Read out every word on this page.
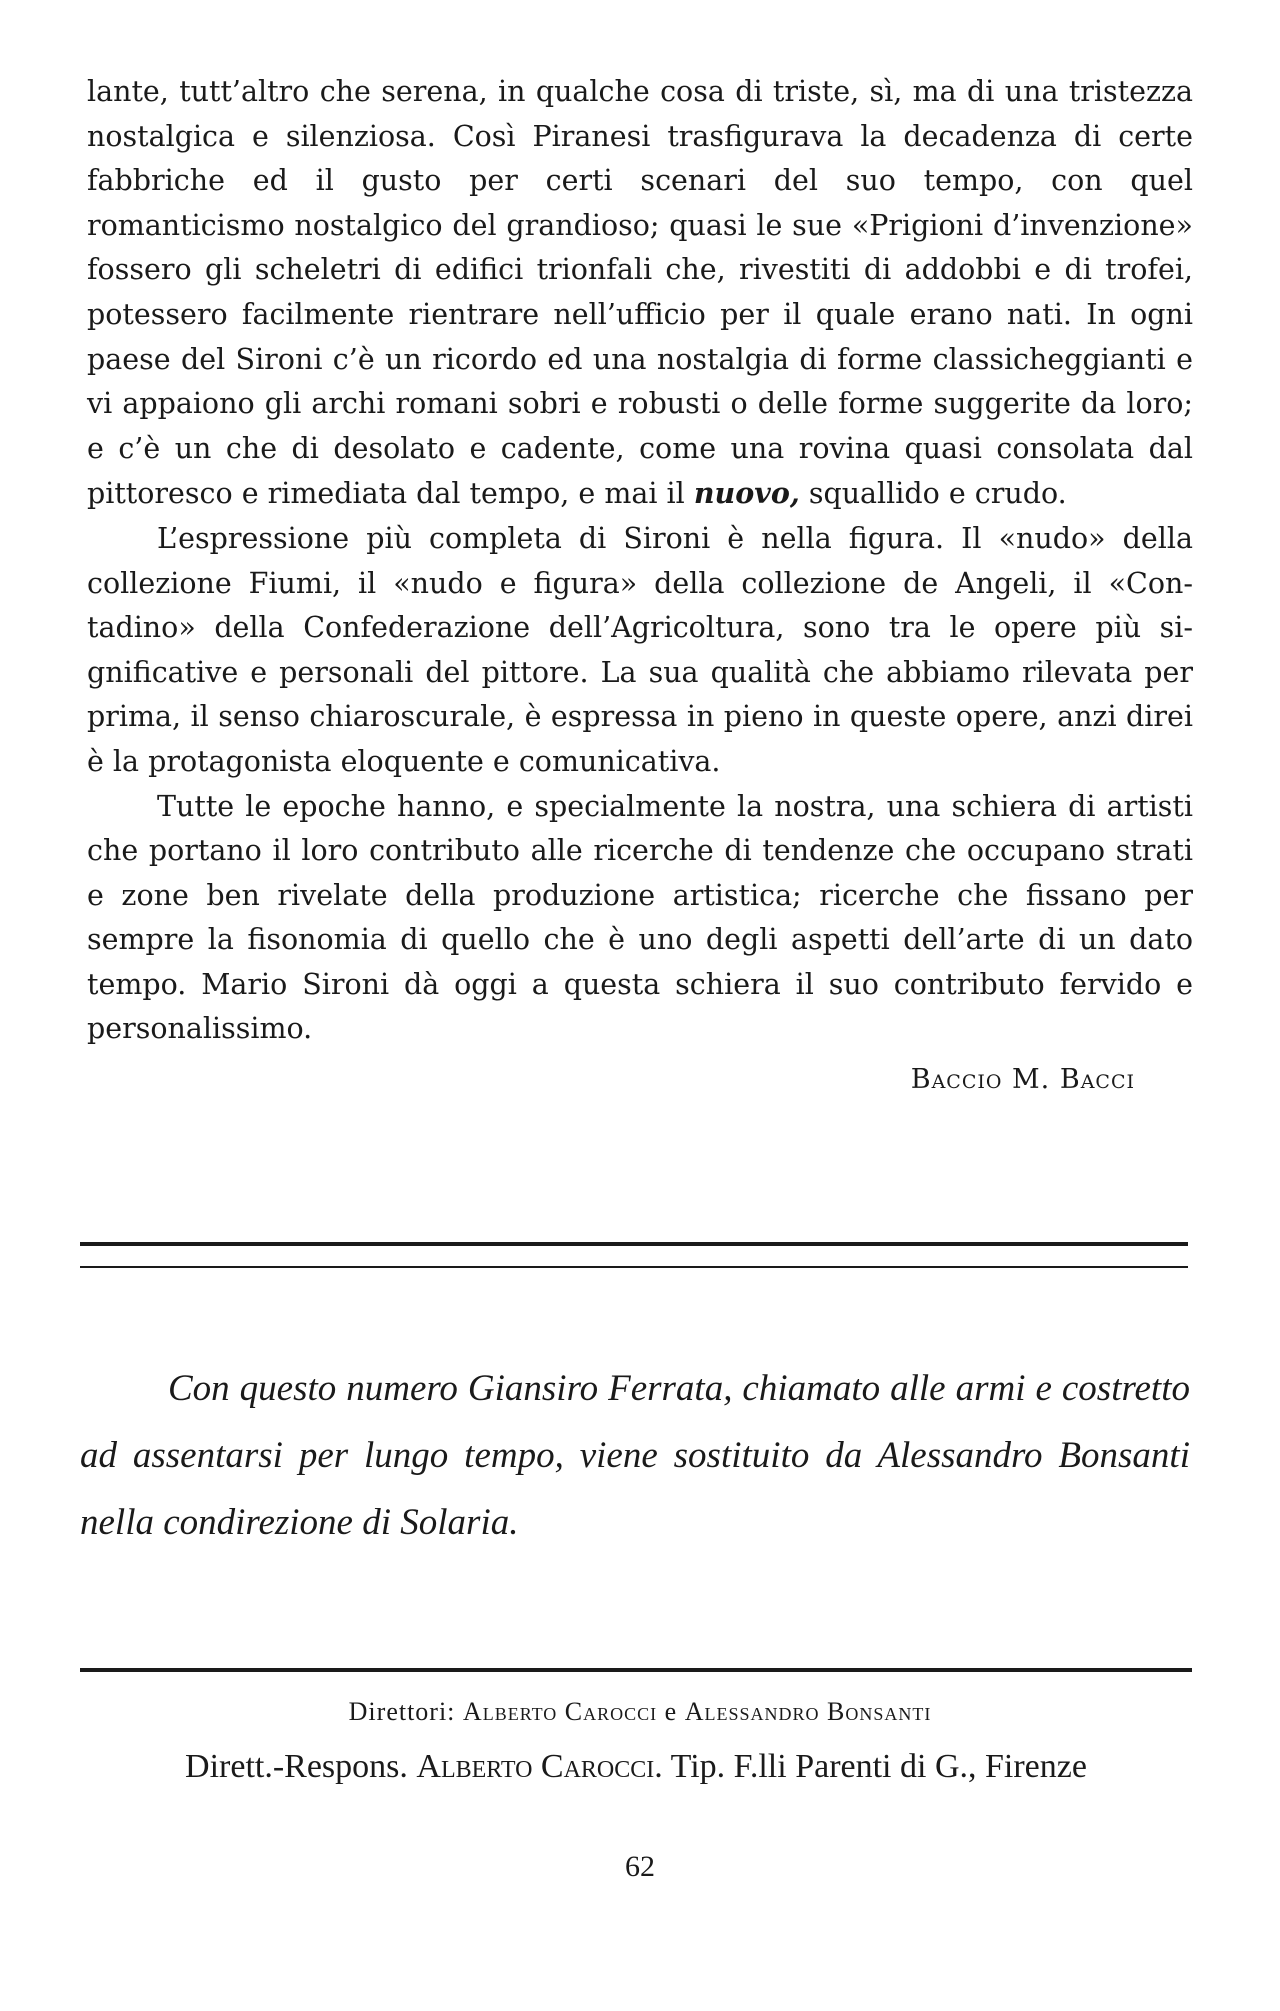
lante, tutt’altro che serena, in qualche cosa di triste, sì, ma di una tristezza nostalgica e silenziosa. Così Piranesi trasfigurava la decadenza di certe fabbriche ed il gusto per certi scenari del suo tempo, con quel romanticismo nostalgico del grandioso; quasi le sue «Prigioni d’invenzione» fossero gli scheletri di edifici trionfali che, rivestiti di addobbi e di trofei, potessero facilmente rientrare nell’ufficio per il quale erano nati. In ogni paese del Sironi c’è un ricordo ed una nostalgia di forme classicheggianti e vi appaiono gli archi romani sobri e robusti o delle forme suggerite da loro; e c’è un che di desolato e cadente, come una rovina quasi consolata dal pittoresco e rimediata dal tempo, e mai il nuovo, squallido e crudo.

L’espressione più completa di Sironi è nella figura. Il «nudo» della collezione Fiumi, il «nudo e figura» della collezione de Angeli, il «Contadino» della Confederazione dell’Agricoltura, sono tra le opere più significative e personali del pittore. La sua qualità che abbiamo rilevata per prima, il senso chiaroscurale, è espressa in pieno in queste opere, anzi direi è la protagonista eloquente e comunicativa.

Tutte le epoche hanno, e specialmente la nostra, una schiera di artisti che portano il loro contributo alle ricerche di tendenze che occupano strati e zone ben rivelate della produzione artistica; ricerche che fissano per sempre la fisonomia di quello che è uno degli aspetti dell’arte di un dato tempo. Mario Sironi dà oggi a questa schiera il suo contributo fervido e personalissimo.

Baccio M. Bacci
Con questo numero Giansiro Ferrata, chiamato alle armi e costretto ad assentarsi per lungo tempo, viene sostituito da Alessandro Bonsanti nella condirezione di Solaria.
Direttori: Alberto Carocci e Alessandro Bonsanti
Dirett.-Respons. Alberto Carocci. Tip. F.lli Parenti di G., Firenze
62
